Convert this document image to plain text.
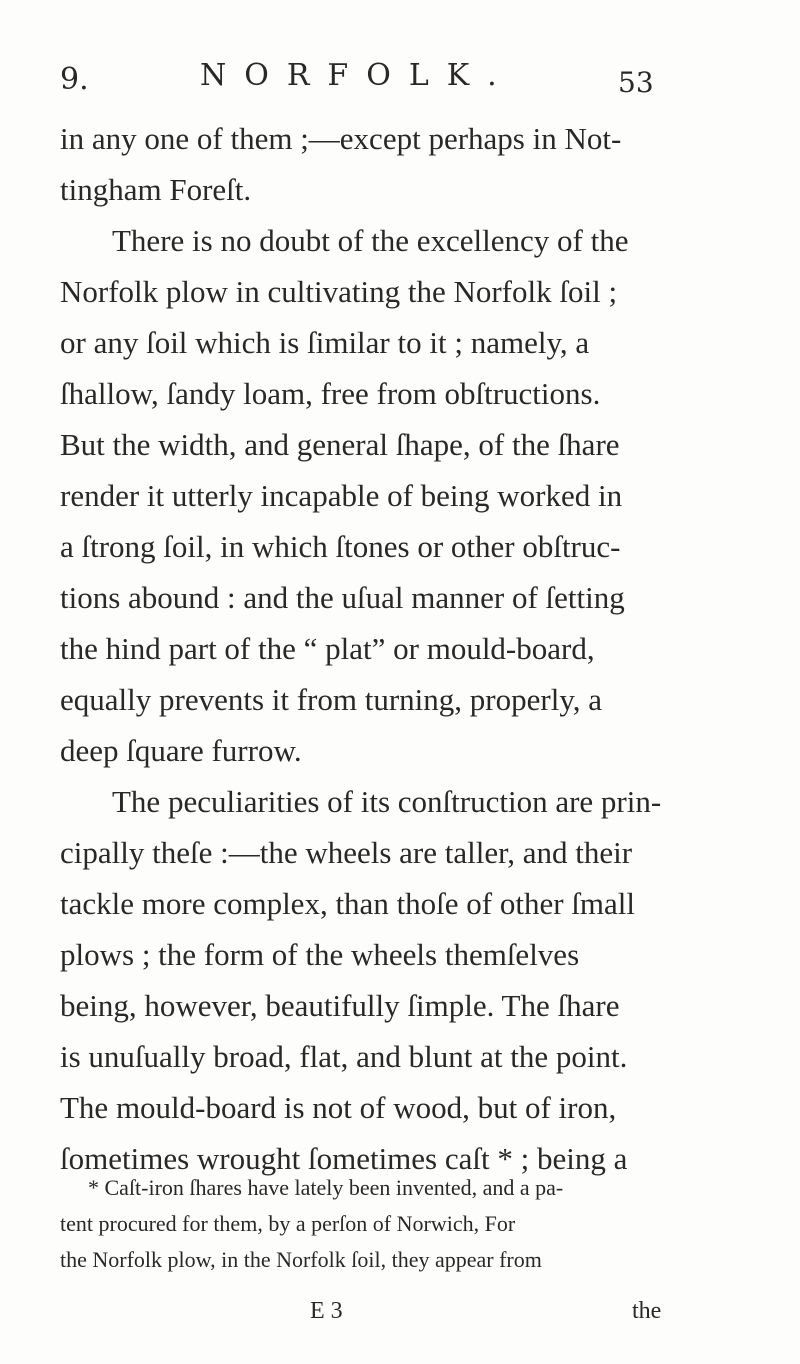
9.	NORFOLK.	53
in any one of them ;—except perhaps in Not-
tingham Foreſt.
There is no doubt of the excellency of the
Norfolk plow in cultivating the Norfolk ſoil ;
or any ſoil which is ſimilar to it ; namely, a
ſhallow, ſandy loam, free from obſtructions.
But the width, and general ſhape, of the ſhare
render it utterly incapable of being worked in
a ſtrong ſoil, in which ſtones or other obſtruc-
tions abound : and the uſual manner of ſetting
the hind part of the “ plat” or mould-board,
equally prevents it from turning, properly, a
deep ſquare furrow.
The peculiarities of its conſtruction are prin-
cipally theſe :—the wheels are taller, and their
tackle more complex, than thoſe of other ſmall
plows ; the form of the wheels themſelves
being, however, beautifully ſimple. The ſhare
is unuſually broad, flat, and blunt at the point.
The mould-board is not of wood, but of iron,
ſometimes wrought ſometimes caſt * ; being a
* Caſt-iron ſhares have lately been invented, and a pa-
tent procured for them, by a perſon of Norwich, For
the Norfolk plow, in the Norfolk ſoil, they appear from
E 3	the
